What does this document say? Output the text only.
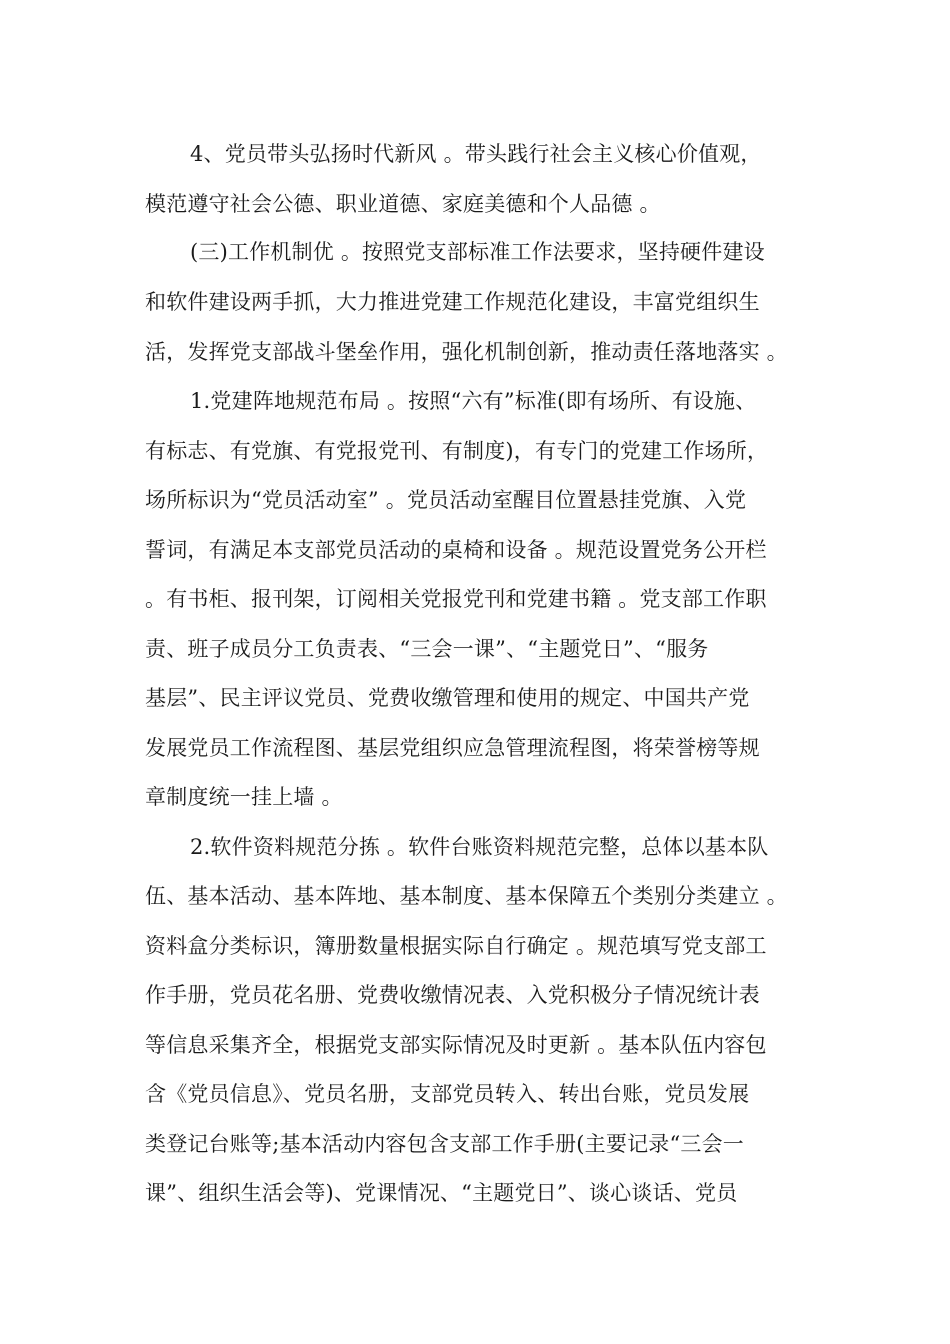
4、党员带头弘扬时代新风 。带头践行社会主义核心价值观，
模范遵守社会公德、职业道德、家庭美德和个人品德 。
(三)工作机制优 。按照党支部标准工作法要求，坚持硬件建设
和软件建设两手抓，大力推进党建工作规范化建设，丰富党组织生
活，发挥党支部战斗堡垒作用，强化机制创新，推动责任落地落实 。
1.党建阵地规范布局 。按照“六有”标准(即有场所、有设施、
有标志、有党旗、有党报党刊、有制度)，有专门的党建工作场所，
场所标识为“党员活动室” 。党员活动室醒目位置悬挂党旗、入党
誓词，有满足本支部党员活动的桌椅和设备 。规范设置党务公开栏
。有书柜、报刊架，订阅相关党报党刊和党建书籍 。党支部工作职
责、班子成员分工负责表、“三会一课”、“主题党日”、“服务
基层”、民主评议党员、党费收缴管理和使用的规定、中国共产党
发展党员工作流程图、基层党组织应急管理流程图，将荣誉榜等规
章制度统一挂上墙 。
2.软件资料规范分拣 。软件台账资料规范完整，总体以基本队
伍、基本活动、基本阵地、基本制度、基本保障五个类别分类建立 。
资料盒分类标识，簿册数量根据实际自行确定 。规范填写党支部工
作手册，党员花名册、党费收缴情况表、入党积极分子情况统计表
等信息采集齐全，根据党支部实际情况及时更新 。基本队伍内容包
含《党员信息》、党员名册，支部党员转入、转出台账，党员发展
类登记台账等;基本活动内容包含支部工作手册(主要记录“三会一
课”、组织生活会等)、党课情况、“主题党日”、谈心谈话、党员
